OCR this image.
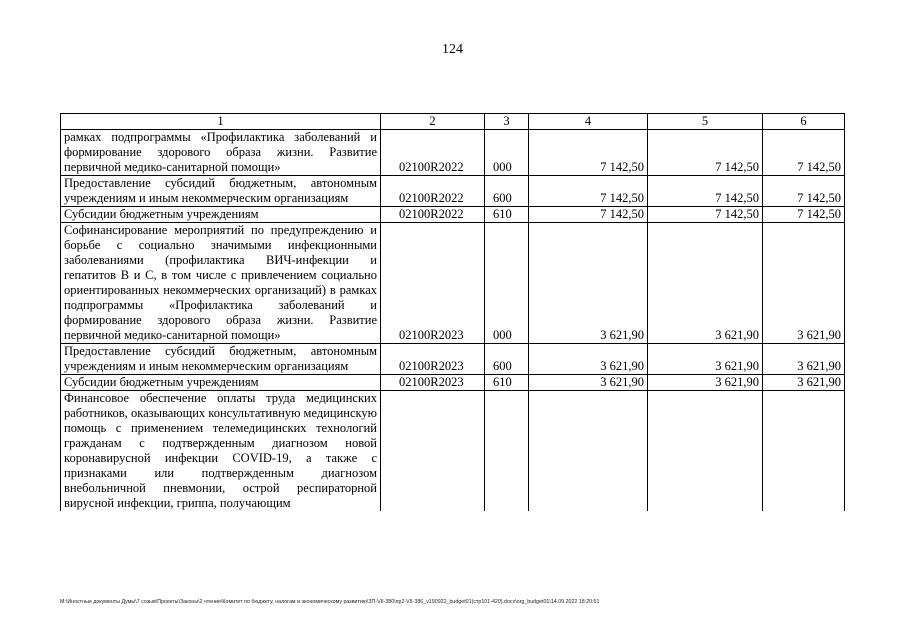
124
1	2	3	4	5	6
рамках подпрограммы «Профилактика заболеваний и формирование здорового образа жизни. Развитие первичной медико-санитарной помощи»	02100R2022	000	7 142,50	7 142,50	7 142,50
Предоставление субсидий бюджетным, автономным учреждениям и иным некоммерческим организациям	02100R2022	600	7 142,50	7 142,50	7 142,50
Субсидии бюджетным учреждениям	02100R2022	610	7 142,50	7 142,50	7 142,50
Софинансирование мероприятий по предупреждению и борьбе с социально значимыми инфекционными заболеваниями (профилактика ВИЧ-инфекции и гепатитов В и С, в том числе с привлечением социально ориентированных некоммерческих организаций) в рамках подпрограммы «Профилактика заболеваний и формирование здорового образа жизни. Развитие первичной медико-санитарной помощи»	02100R2023	000	3 621,90	3 621,90	3 621,90
Предоставление субсидий бюджетным, автономным учреждениям и иным некоммерческим организациям	02100R2023	600	3 621,90	3 621,90	3 621,90
Субсидии бюджетным учреждениям	02100R2023	610	3 621,90	3 621,90	3 621,90
Финансовое обеспечение оплаты труда медицинских работников, оказывающих консультативную медицинскую помощь с применением телемедицинских технологий гражданам с подтвержденным диагнозом новой коронавирусной инфекции COVID-19, а также с признаками или подтвержденным диагнозом внебольничной пневмонии, острой респираторной вирусной инфекции, гриппа, получающим					
M:\Иностные документы Думы\7 созыв\Проекты\Законы\2 чтение\Комитет по бюджету, налогам и экономическому развитию\ЗП-VII-380\пр2-VII-386_v190922_budget01(стр101-420).docx\org_budget01\14.09.2022 18:20:51
